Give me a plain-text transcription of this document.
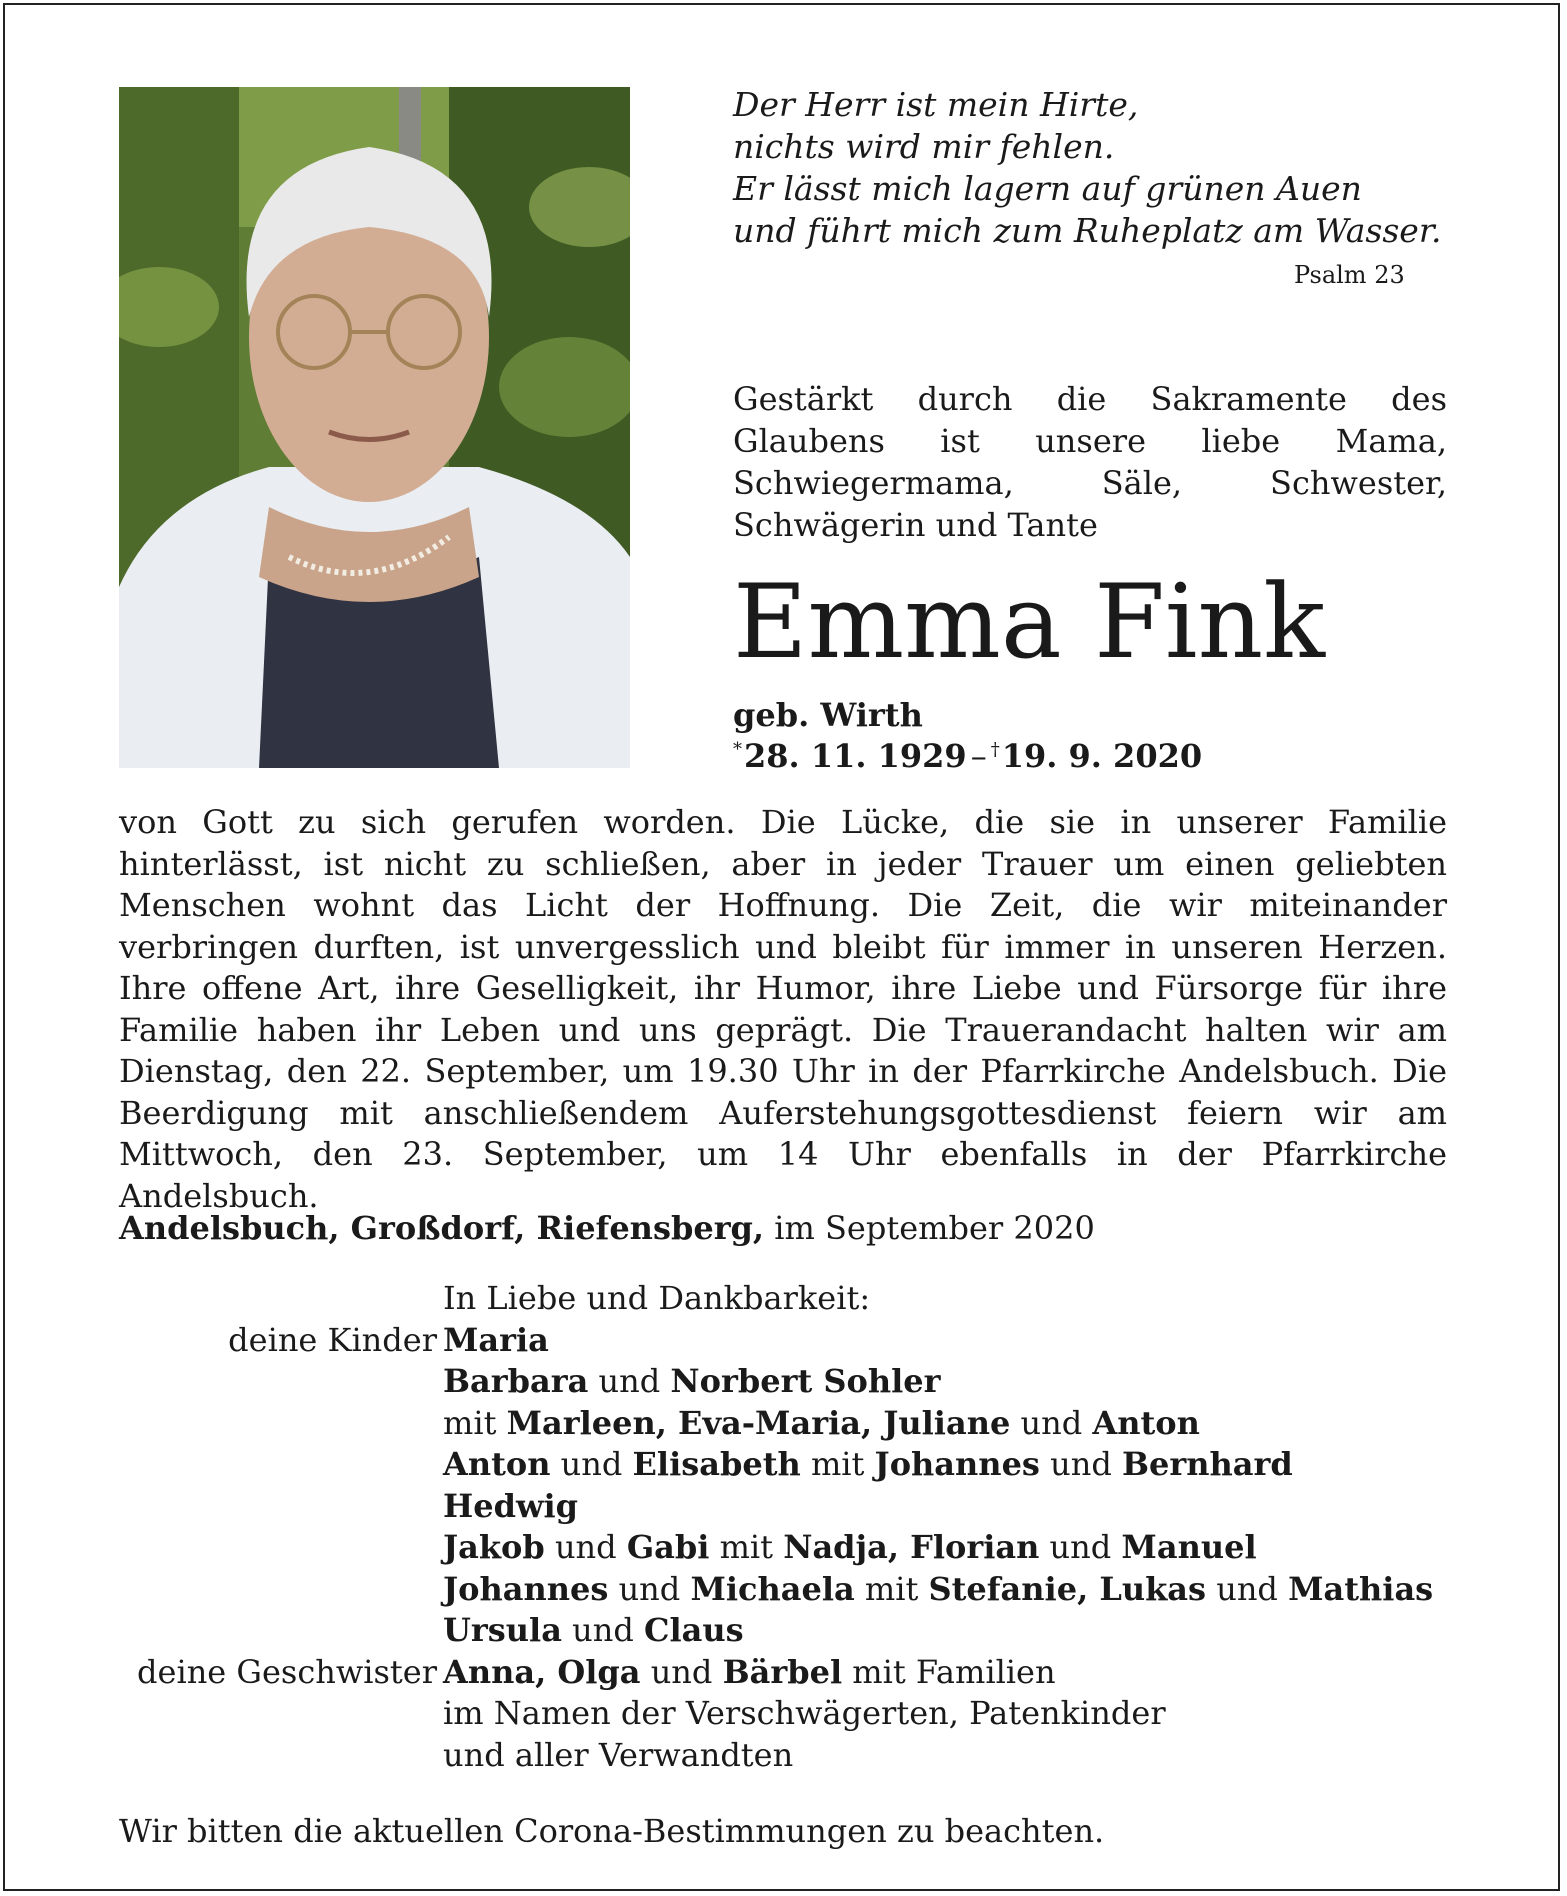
Der Herr ist mein Hirte,
nichts wird mir fehlen.
Er lässt mich lagern auf grünen Auen
und führt mich zum Ruheplatz am Wasser.

Psalm 23

Gestärkt durch die Sakramente des Glaubens ist unsere liebe Mama, Schwiegermama, Säle, Schwester, Schwägerin und Tante

Emma Fink
geb. Wirth
*28. 11. 1929 – †19. 9. 2020

von Gott zu sich gerufen worden. Die Lücke, die sie in unserer Familie hinterlässt, ist nicht zu schließen, aber in jeder Trauer um einen geliebten Menschen wohnt das Licht der Hoffnung. Die Zeit, die wir miteinander verbringen durften, ist unvergesslich und bleibt für immer in unseren Herzen. Ihre offene Art, ihre Geselligkeit, ihr Humor, ihre Liebe und Fürsorge für ihre Familie haben ihr Leben und uns geprägt. Die Trauerandacht halten wir am Dienstag, den 22. September, um 19.30 Uhr in der Pfarrkirche Andelsbuch. Die Beerdigung mit anschließendem Auferstehungsgottesdienst feiern wir am Mittwoch, den 23. September, um 14 Uhr ebenfalls in der Pfarrkirche Andelsbuch.

Andelsbuch, Großdorf, Riefensberg, im September 2020
In Liebe und Dankbarkeit:
deine Kinder Maria
Barbara und Norbert Sohler
mit Marleen, Eva-Maria, Juliane und Anton
Anton und Elisabeth mit Johannes und Bernhard
Hedwig
Jakob und Gabi mit Nadja, Florian und Manuel
Johannes und Michaela mit Stefanie, Lukas und Mathias
Ursula und Claus
deine Geschwister Anna, Olga und Bärbel mit Familien
im Namen der Verschwägerten, Patenkinder
und aller Verwandten
Wir bitten die aktuellen Corona-Bestimmungen zu beachten.
